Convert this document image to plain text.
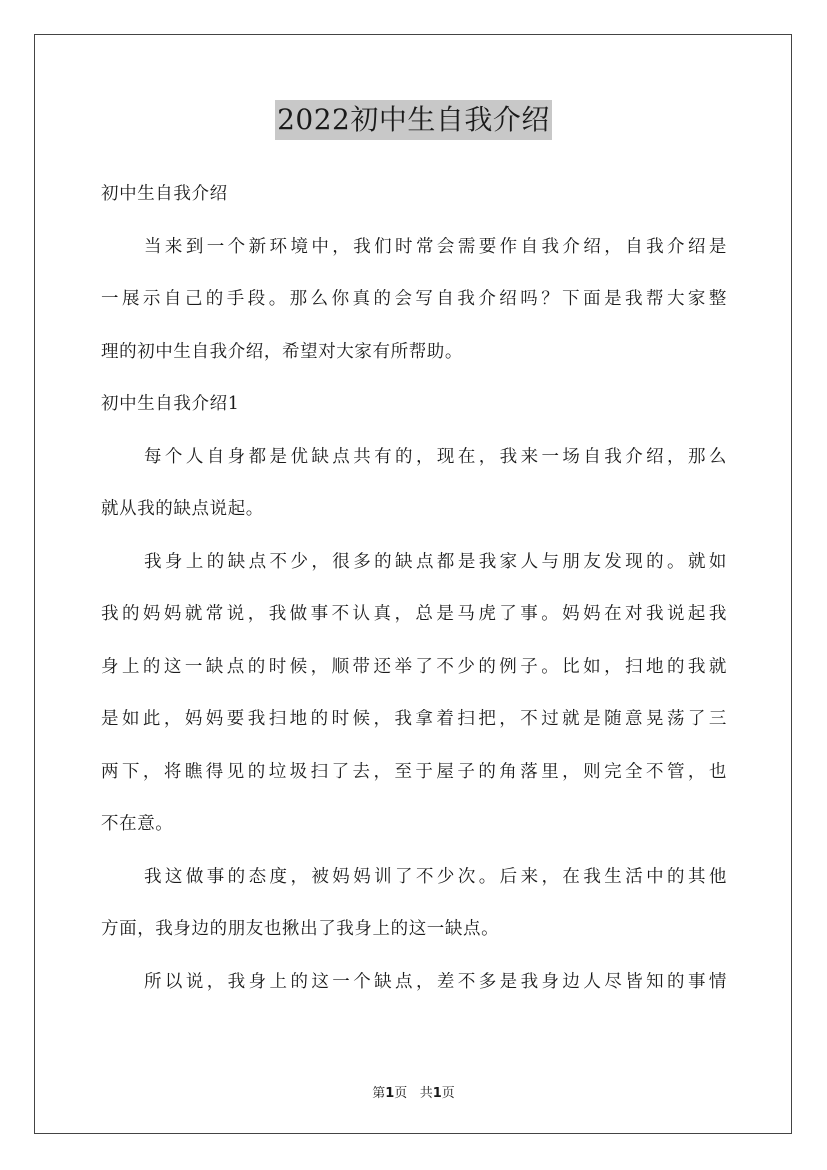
2022初中生自我介绍
初中生自我介绍
当来到一个新环境中，我们时常会需要作自我介绍，自我介绍是
一展示自己的手段。那么你真的会写自我介绍吗？下面是我帮大家整
理的初中生自我介绍，希望对大家有所帮助。
初中生自我介绍1
每个人自身都是优缺点共有的，现在，我来一场自我介绍，那么
就从我的缺点说起。
我身上的缺点不少，很多的缺点都是我家人与朋友发现的。就如
我的妈妈就常说，我做事不认真，总是马虎了事。妈妈在对我说起我
身上的这一缺点的时候，顺带还举了不少的例子。比如，扫地的我就
是如此，妈妈要我扫地的时候，我拿着扫把，不过就是随意晃荡了三
两下，将瞧得见的垃圾扫了去，至于屋子的角落里，则完全不管，也
不在意。
我这做事的态度，被妈妈训了不少次。后来，在我生活中的其他
方面，我身边的朋友也揪出了我身上的这一缺点。
所以说，我身上的这一个缺点，差不多是我身边人尽皆知的事情
第1页 共1页
